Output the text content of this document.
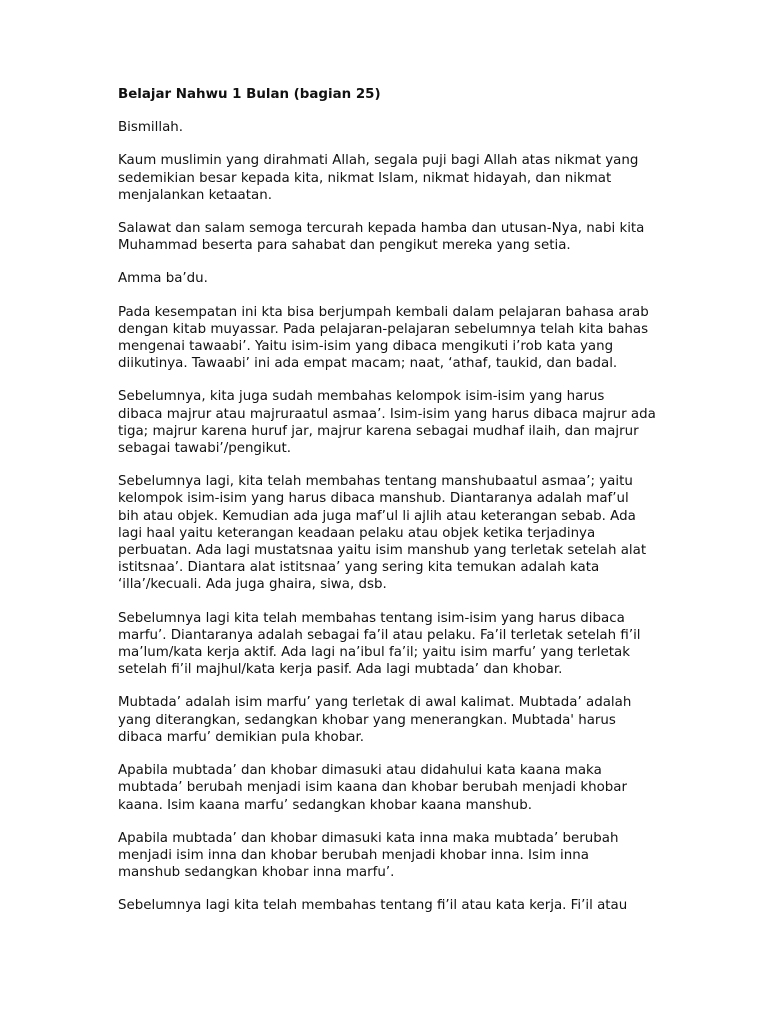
Belajar Nahwu 1 Bulan (bagian 25)
Bismillah.
Kaum muslimin yang dirahmati Allah, segala puji bagi Allah atas nikmat yang
sedemikian besar kepada kita, nikmat Islam, nikmat hidayah, dan nikmat
menjalankan ketaatan.
Salawat dan salam semoga tercurah kepada hamba dan utusan-Nya, nabi kita
Muhammad beserta para sahabat dan pengikut mereka yang setia.
Amma ba’du.
Pada kesempatan ini kta bisa berjumpah kembali dalam pelajaran bahasa arab
dengan kitab muyassar. Pada pelajaran-pelajaran sebelumnya telah kita bahas
mengenai tawaabi’. Yaitu isim-isim yang dibaca mengikuti i’rob kata yang
diikutinya. Tawaabi’ ini ada empat macam; naat, ‘athaf, taukid, dan badal.
Sebelumnya, kita juga sudah membahas kelompok isim-isim yang harus
dibaca majrur atau majruraatul asmaa’. Isim-isim yang harus dibaca majrur ada
tiga; majrur karena huruf jar, majrur karena sebagai mudhaf ilaih, dan majrur
sebagai tawabi’/pengikut.
Sebelumnya lagi, kita telah membahas tentang manshubaatul asmaa’; yaitu
kelompok isim-isim yang harus dibaca manshub. Diantaranya adalah maf’ul
bih atau objek. Kemudian ada juga maf’ul li ajlih atau keterangan sebab. Ada
lagi haal yaitu keterangan keadaan pelaku atau objek ketika terjadinya
perbuatan. Ada lagi mustatsnaa yaitu isim manshub yang terletak setelah alat
istitsnaa’. Diantara alat istitsnaa’ yang sering kita temukan adalah kata
‘illa’/kecuali. Ada juga ghaira, siwa, dsb.
Sebelumnya lagi kita telah membahas tentang isim-isim yang harus dibaca
marfu’. Diantaranya adalah sebagai fa’il atau pelaku. Fa’il terletak setelah fi’il
ma’lum/kata kerja aktif. Ada lagi na’ibul fa’il; yaitu isim marfu’ yang terletak
setelah fi’il majhul/kata kerja pasif. Ada lagi mubtada’ dan khobar.
Mubtada’ adalah isim marfu’ yang terletak di awal kalimat. Mubtada’ adalah
yang diterangkan, sedangkan khobar yang menerangkan. Mubtada' harus
dibaca marfu’ demikian pula khobar.
Apabila mubtada’ dan khobar dimasuki atau didahului kata kaana maka
mubtada’ berubah menjadi isim kaana dan khobar berubah menjadi khobar
kaana. Isim kaana marfu’ sedangkan khobar kaana manshub.
Apabila mubtada’ dan khobar dimasuki kata inna maka mubtada’ berubah
menjadi isim inna dan khobar berubah menjadi khobar inna. Isim inna
manshub sedangkan khobar inna marfu’.
Sebelumnya lagi kita telah membahas tentang fi’il atau kata kerja. Fi’il atau
